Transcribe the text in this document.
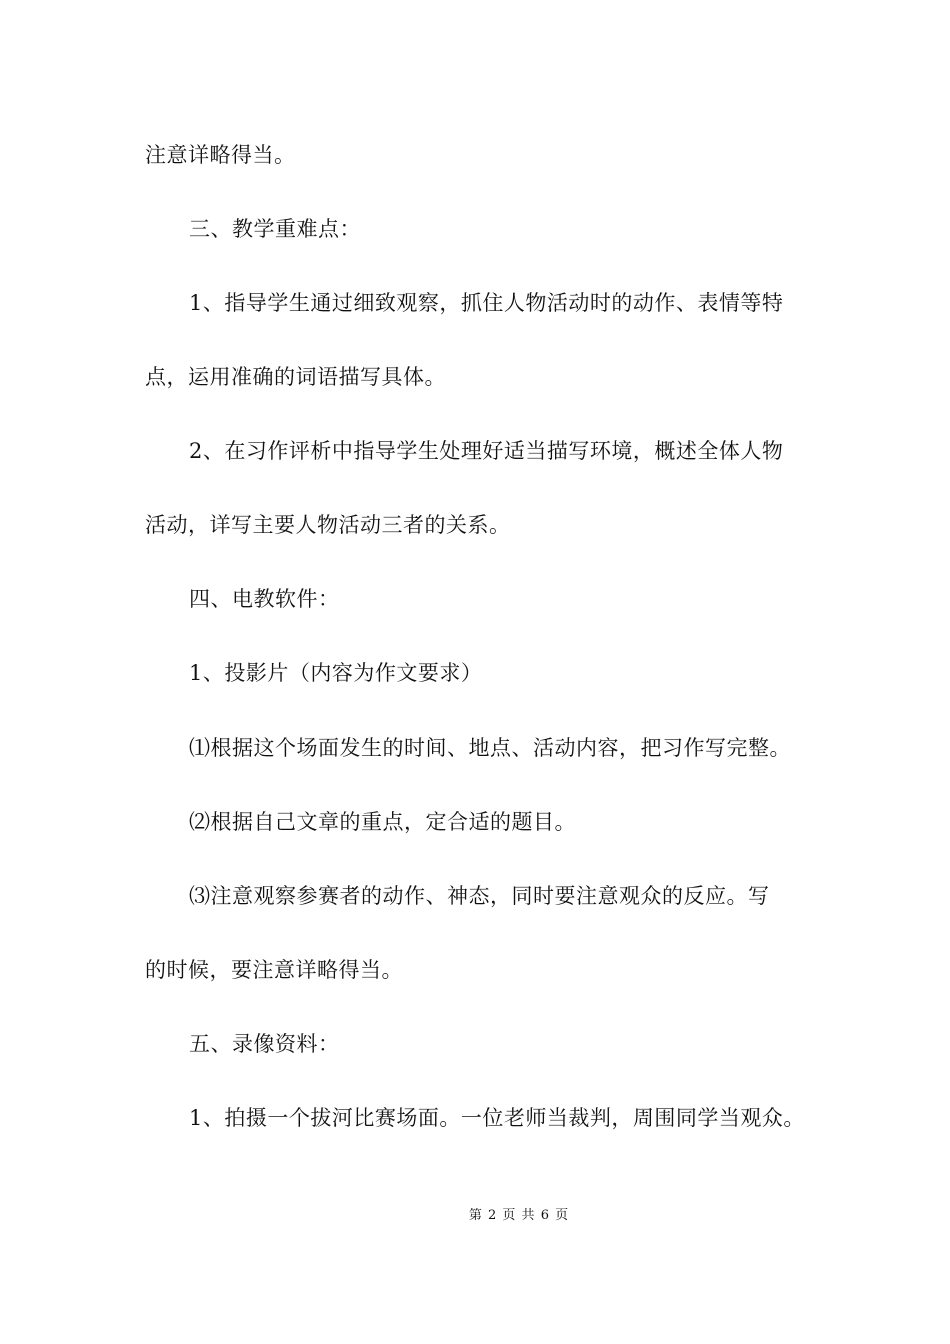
注意详略得当。
三、教学重难点：
1、指导学生通过细致观察，抓住人物活动时的动作、表情等特
点，运用准确的词语描写具体。
2、在习作评析中指导学生处理好适当描写环境，概述全体人物
活动，详写主要人物活动三者的关系。
四、电教软件：
1、投影片（内容为作文要求）
⑴根据这个场面发生的时间、地点、活动内容，把习作写完整。
⑵根据自己文章的重点，定合适的题目。
⑶注意观察参赛者的动作、神态，同时要注意观众的反应。写
的时候，要注意详略得当。
五、录像资料：
1、拍摄一个拔河比赛场面。一位老师当裁判，周围同学当观众。
第 2 页 共 6 页
